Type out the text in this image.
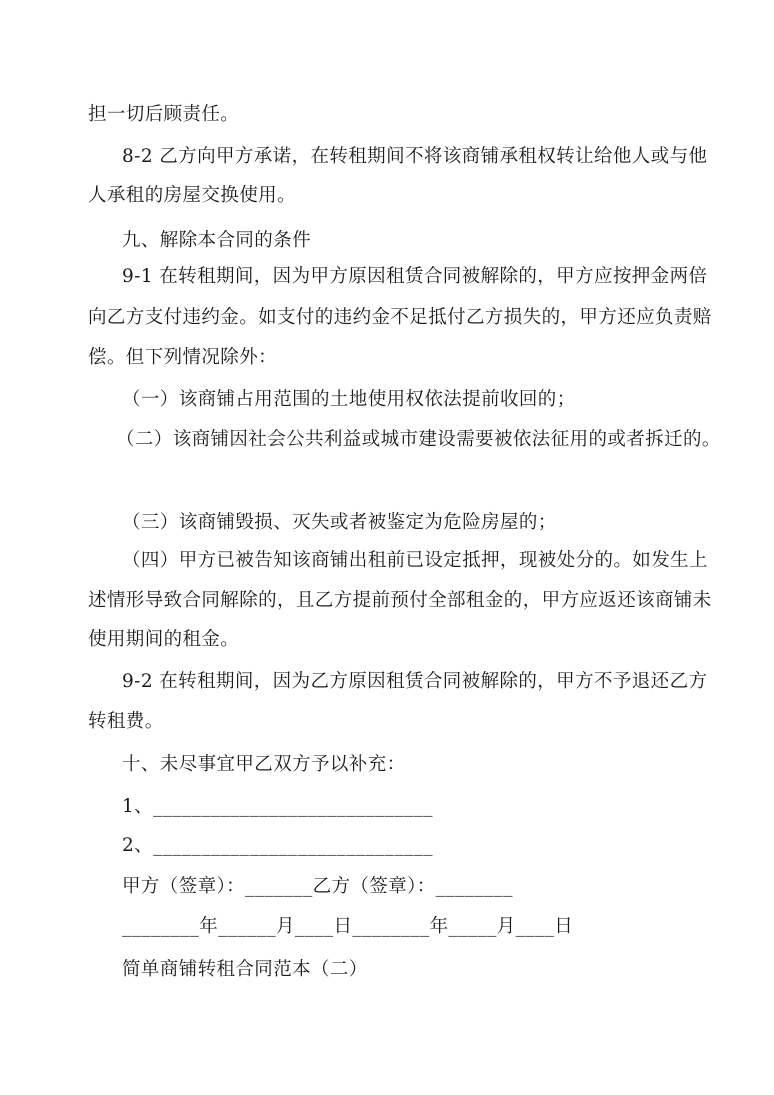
担一切后顾责任。
8-2 乙方向甲方承诺，在转租期间不将该商铺承租权转让给他人或与他
人承租的房屋交换使用。
九、解除本合同的条件
9-1 在转租期间，因为甲方原因租赁合同被解除的，甲方应按押金两倍
向乙方支付违约金。如支付的违约金不足抵付乙方损失的，甲方还应负责赔
偿。但下列情况除外：
（一）该商铺占用范围的土地使用权依法提前收回的；
（二）该商铺因社会公共利益或城市建设需要被依法征用的或者拆迁的。
（三）该商铺毁损、灭失或者被鉴定为危险房屋的；
（四）甲方已被告知该商铺出租前已设定抵押，现被处分的。如发生上
述情形导致合同解除的，且乙方提前预付全部租金的，甲方应返还该商铺未
使用期间的租金。
9-2 在转租期间，因为乙方原因租赁合同被解除的，甲方不予退还乙方
转租费。
十、未尽事宜甲乙双方予以补充：
1、_____________________________
2、_____________________________
甲方（签章）：_______乙方（签章）：________
________年______月____日________年_____月____日
简单商铺转租合同范本（二）
